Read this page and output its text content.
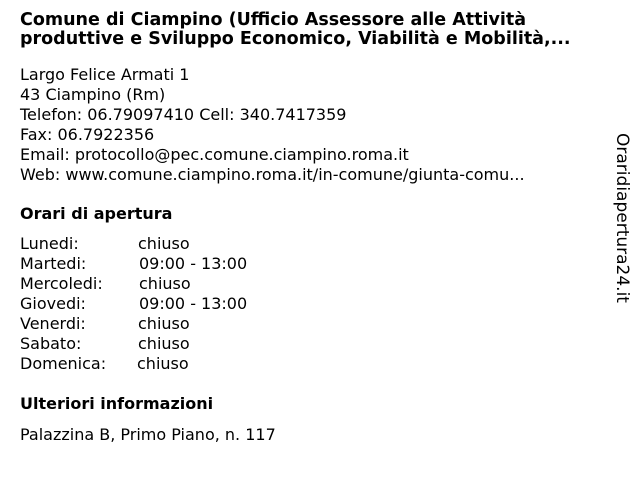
Comune di Ciampino (Ufficio Assessore alle Attività
produttive e Sviluppo Economico, Viabilità e Mobilità,...
Largo Felice Armati 1
43 Ciampino (Rm)
Telefon: 06.79097410 Cell: 340.7417359
Fax: 06.7922356
Email: protocollo@pec.comune.ciampino.roma.it
Web: www.comune.ciampino.roma.it/in-comune/giunta-comu...
Orari di apertura
Lunedi:	chiuso
Martedi:	09:00 - 13:00
Mercoledi: chiuso
Giovedi:	09:00 - 13:00
Venerdi:	chiuso
Sabato:	chiuso
Domenica: chiuso
Ulteriori informazioni
Palazzina B, Primo Piano, n. 117
Oraridiapertura24.it
